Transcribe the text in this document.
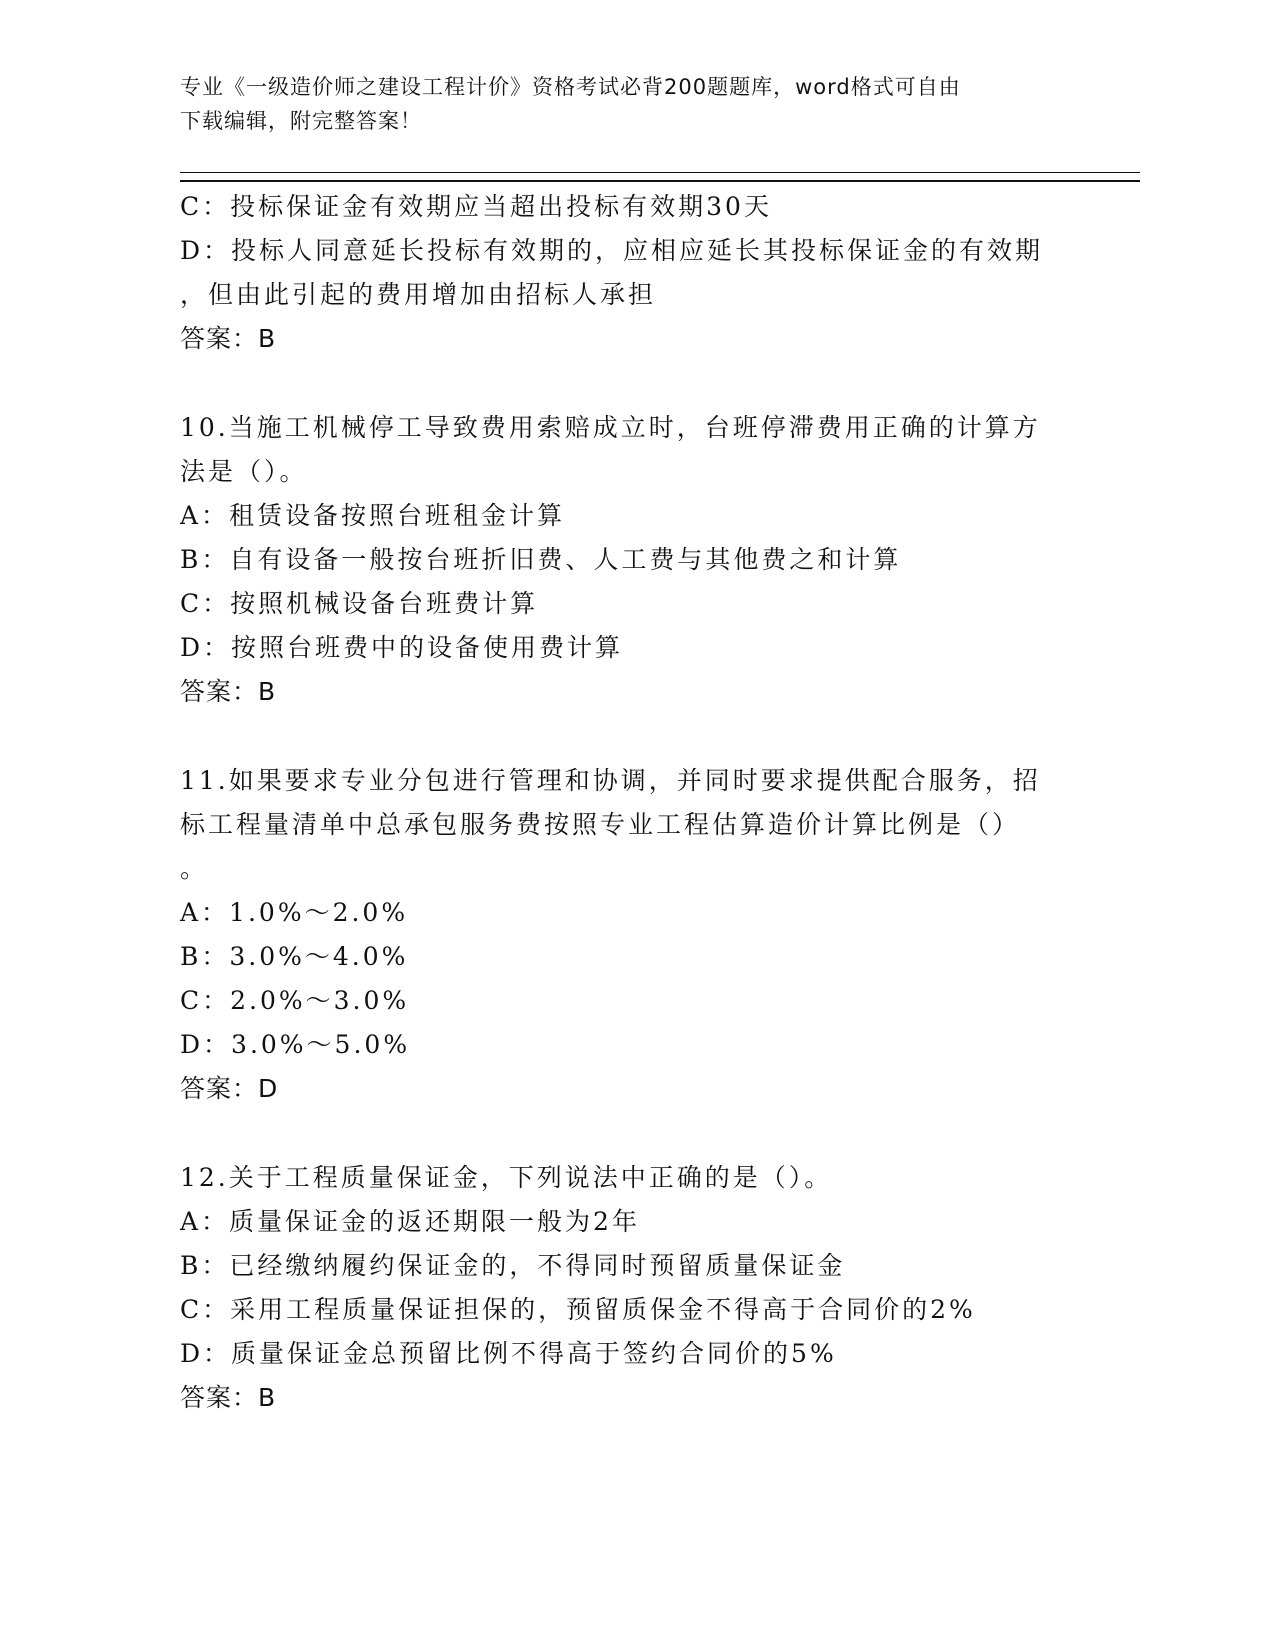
专业《一级造价师之建设工程计价》资格考试必背200题题库，word格式可自由
下载编辑，附完整答案！

C：投标保证金有效期应当超出投标有效期30天

D：投标人同意延长投标有效期的，应相应延长其投标保证金的有效期

，但由此引起的费用增加由招标人承担

答案：B

10.当施工机械停工导致费用索赔成立时，台班停滞费用正确的计算方

法是（）。

A：租赁设备按照台班租金计算

B：自有设备一般按台班折旧费、人工费与其他费之和计算

C：按照机械设备台班费计算

D：按照台班费中的设备使用费计算

答案：B

11.如果要求专业分包进行管理和协调，并同时要求提供配合服务，招

标工程量清单中总承包服务费按照专业工程估算造价计算比例是（）

。

A：1.0%～2.0%

B：3.0%～4.0%

C：2.0%～3.0%

D：3.0%～5.0%

答案：D

12.关于工程质量保证金，下列说法中正确的是（）。

A：质量保证金的返还期限一般为2年

B：已经缴纳履约保证金的，不得同时预留质量保证金

C：采用工程质量保证担保的，预留质保金不得高于合同价的2%

D：质量保证金总预留比例不得高于签约合同价的5%

答案：B
